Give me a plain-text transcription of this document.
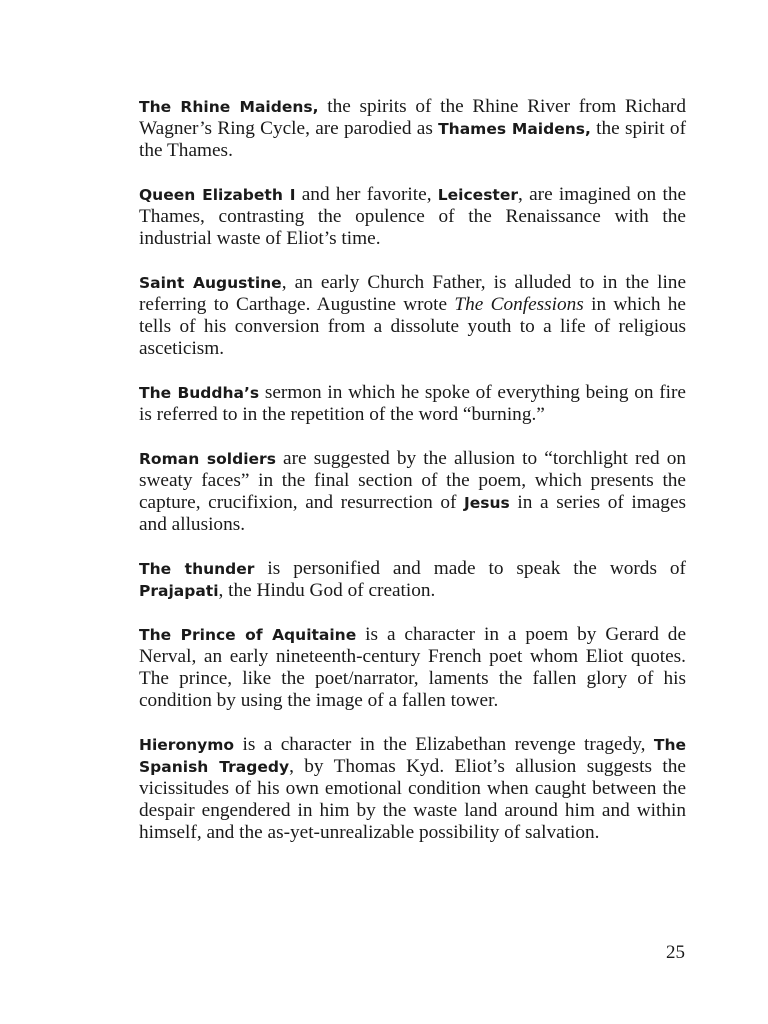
The Rhine Maidens, the spirits of the Rhine River from Richard Wagner’s Ring Cycle, are parodied as Thames Maidens, the spirit of the Thames.

Queen Elizabeth I and her favorite, Leicester, are imagined on the Thames, contrasting the opulence of the Renaissance with the industrial waste of Eliot’s time.

Saint Augustine, an early Church Father, is alluded to in the line referring to Carthage. Augustine wrote The Confessions in which he tells of his conversion from a dissolute youth to a life of religious asceticism.

The Buddha’s sermon in which he spoke of everything being on fire is referred to in the repetition of the word “burning.”

Roman soldiers are suggested by the allusion to “torchlight red on sweaty faces” in the final section of the poem, which presents the capture, crucifixion, and resurrection of Jesus in a series of images and allusions.

The thunder is personified and made to speak the words of Prajapati, the Hindu God of creation.

The Prince of Aquitaine is a character in a poem by Gerard de Nerval, an early nineteenth-century French poet whom Eliot quotes. The prince, like the poet/narrator, laments the fallen glory of his condition by using the image of a fallen tower.

Hieronymo is a character in the Elizabethan revenge tragedy, The Spanish Tragedy, by Thomas Kyd. Eliot’s allusion suggests the vicissitudes of his own emotional condition when caught between the despair engendered in him by the waste land around him and within himself, and the as-yet-unrealizable possibility of salvation.

25
